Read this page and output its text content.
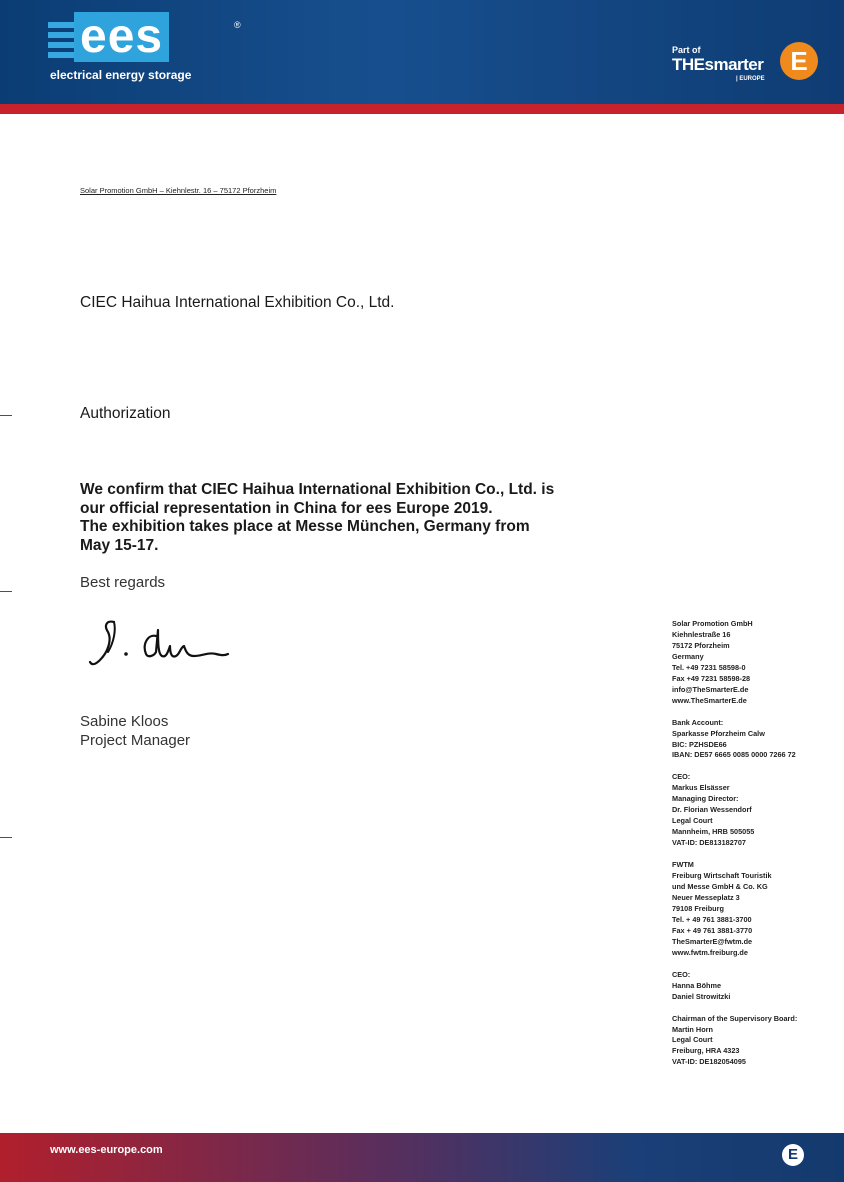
ees	®
electrical energy storage
Part of
THEsmarter
| EUROPE
E
Solar Promotion GmbH – Kiehnlestr. 16 – 75172 Pforzheim
CIEC Haihua International Exhibition Co., Ltd.
Authorization
We confirm that CIEC Haihua International Exhibition Co., Ltd. is
our official representation in China for ees Europe 2019.
The exhibition takes place at Messe München, Germany from
May 15-17.
Best regards
Sabine Kloos
Project Manager
Solar Promotion GmbH
Kiehnlestraße 16
75172 Pforzheim
Germany
Tel. +49 7231 58598-0
Fax +49 7231 58598-28
info@TheSmarterE.de
www.TheSmarterE.de
Bank Account:
Sparkasse Pforzheim Calw
BIC: PZHSDE66
IBAN: DE57 6665 0085 0000 7266 72
CEO:
Markus Elsässer
Managing Director:
Dr. Florian Wessendorf
Legal Court
Mannheim, HRB 505055
VAT-ID: DE813182707
FWTM
Freiburg Wirtschaft Touristik
und Messe GmbH & Co. KG
Neuer Messeplatz 3
79108 Freiburg
Tel. + 49 761 3881-3700
Fax + 49 761 3881-3770
TheSmarterE@fwtm.de
www.fwtm.freiburg.de
CEO:
Hanna Böhme
Daniel Strowitzki
Chairman of the Supervisory Board:
Martin Horn
Legal Court
Freiburg, HRA 4323
VAT-ID: DE182054095
www.ees-europe.com	E
